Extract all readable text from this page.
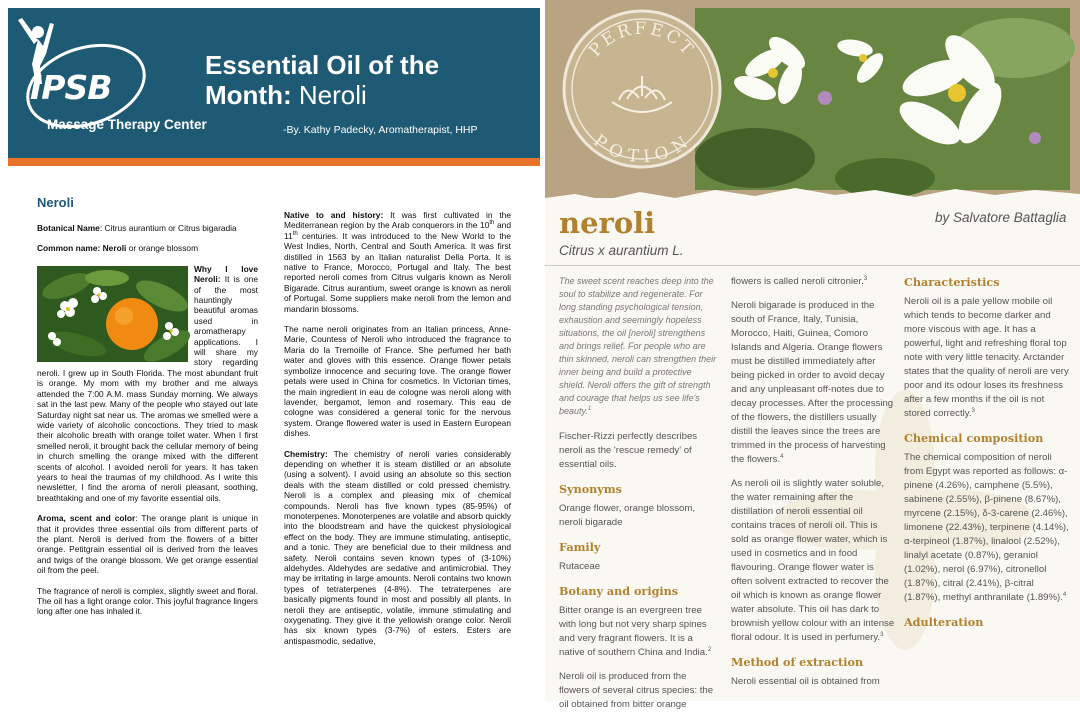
IPSB
Massage Therapy Center
Essential Oil of the
Month: Neroli
-By. Kathy Padecky, Aromatherapist, HHP
Neroli

Botanical Name: Citrus aurantium or Citrus bigaradia

Common name: Neroli or orange blossom

Why I love Neroli: It is one of the most hauntingly beautiful aromas used in aromatherapy applications. I will share my story regarding neroli. I grew up in South Florida. The most abundant fruit is orange. My mom with my brother and me always attended the 7:00 A.M. mass Sunday morning. We always sat in the last pew. Many of the people who stayed out late Saturday night sat near us. The aromas we smelled were a wide variety of alcoholic concoctions. They tried to mask their alcoholic breath with orange toilet water. When I first smelled neroli, it brought back the cellular memory of being in church smelling the orange mixed with the different scents of alcohol. I avoided neroli for years. It has taken years to heal the traumas of my childhood. As I write this newsletter, I find the aroma of neroli pleasant, soothing, breathtaking and one of my favorite essential oils.

Aroma, scent and color: The orange plant is unique in that it provides three essential oils from different parts of the plant. Neroli is derived from the flowers of a bitter orange. Petitgrain essential oil is derived from the leaves and twigs of the orange blossom. We get orange essential oil from the peel.

The fragrance of neroli is complex, slightly sweet and floral. The oil has a light orange color. This joyful fragrance lingers long after one has inhaled it.

Native to and history: It was first cultivated in the Mediterranean region by the Arab conquerors in the 10th and 11th centuries. It was introduced to the New World to the West Indies, North, Central and South America. It was first distilled in 1563 by an Italian naturalist Della Porta. It is native to France, Morocco, Portugal and Italy. The best reported neroli comes from Citrus vulgaris known as Neroli Bigarade. Citrus aurantium, sweet orange is known as neroli of Portugal. Some suppliers make neroli from the lemon and mandarin blossoms.

The name neroli originates from an Italian princess, Anne-Marie, Countess of Neroli who introduced the fragrance to Maria do la Tremoille of France. She perfumed her bath water and gloves with this essence. Orange flower petals symbolize innocence and securing love. The orange flower petals were used in China for cosmetics. In Victorian times, the main ingredient in eau de cologne was neroli along with lavender, bergamot, lemon and rosemary. This eau de cologne was considered a general tonic for the nervous system. Orange flowered water is used in Eastern European dishes.

Chemistry: The chemistry of neroli varies considerably depending on whether it is steam distilled or an absolute (using a solvent). I avoid using an absolute so this section deals with the steam distilled or cold pressed chemistry. Neroli is a complex and pleasing mix of chemical compounds. Neroli has five known types (85-95%) of monoterpenes. Monoterpenes are volatile and absorb quickly into the bloodstream and have the quickest physiological effect on the body. They are immune stimulating, antiseptic, and a tonic. They are beneficial due to their mildness and safety. Neroli contains seven known types of (3-10%) aldehydes. Aldehydes are sedative and antimicrobial. They may be irritating in large amounts. Neroli contains two known types of tetraterpenes (4-8%). The tetraterpenes are basically pigments found in most and possibly all plants. In neroli they are antiseptic, volatile, immune stimulating and oxygenating. They give it the yellowish orange color. Neroli has six known types (3-7%) of esters. Esters are antispasmodic, sedative,

PERFECT
POTION
neroli
Citrus x aurantium L.
by Salvatore Battaglia
The sweet scent reaches deep into the soul to stabilize and regenerate. For long standing psychological tension, exhaustion and seemingly hopeless situations, the oil [neroli] strengthens and brings relief. For people who are thin skinned, neroli can strengthen their inner being and build a protective shield. Neroli offers the gift of strength and courage that helps us see life's beauty.$^1$

Fischer-Rizzi perfectly describes neroli as the 'rescue remedy' of essential oils.

Synonyms

Orange flower, orange blossom, neroli bigarade

Family

Rutaceae

Botany and origins

Bitter orange is an evergreen tree with long but not very sharp spines and very fragrant flowers. It is a native of southern China and India.$^2$

Neroli oil is produced from the flowers of several citrus species: the oil obtained from bitter orange

flowers is called neroli citronier.$^3$

Neroli bigarade is produced in the south of France, Italy, Tunisia, Morocco, Haiti, Guinea, Comoro Islands and Algeria. Orange flowers must be distilled immediately after being picked in order to avoid decay and any unpleasant off-notes due to decay processes. After the processing of the flowers, the distillers usually distill the leaves since the trees are trimmed in the process of harvesting the flowers.$^4$

As neroli oil is slightly water soluble, the water remaining after the distillation of neroli essential oil contains traces of neroli oil. This is sold as orange flower water, which is used in cosmetics and in food flavouring. Orange flower water is often solvent extracted to recover the oil which is known as orange flower water absolute. This oil has dark to brownish yellow colour with an intense floral odour. It is used in perfumery.$^3$

Method of extraction

Neroli essential oil is obtained from

Characteristics

Neroli oil is a pale yellow mobile oil which tends to become darker and more viscous with age. It has a powerful, light and refreshing floral top note with very little tenacity. Arctander states that the quality of neroli are very poor and its odour loses its freshness after a few months if the oil is not stored correctly.$^3$

Chemical composition

The chemical composition of neroli from Egypt was reported as follows: α-pinene (4.26%), camphene (5.5%), sabinene (2.55%), β-pinene (8.67%), myrcene (2.15%), δ-3-carene (2.46%), limonene (22.43%), terpinene (4.14%), α-terpineol (1.87%), linalool (2.52%), linalyl acetate (0.87%), geraniol (1.02%), nerol (6.97%), citronellol (1.87%), citral (2.41%), β-citral (1.87%), methyl anthranilate (1.89%).$^4$

Adulteration
